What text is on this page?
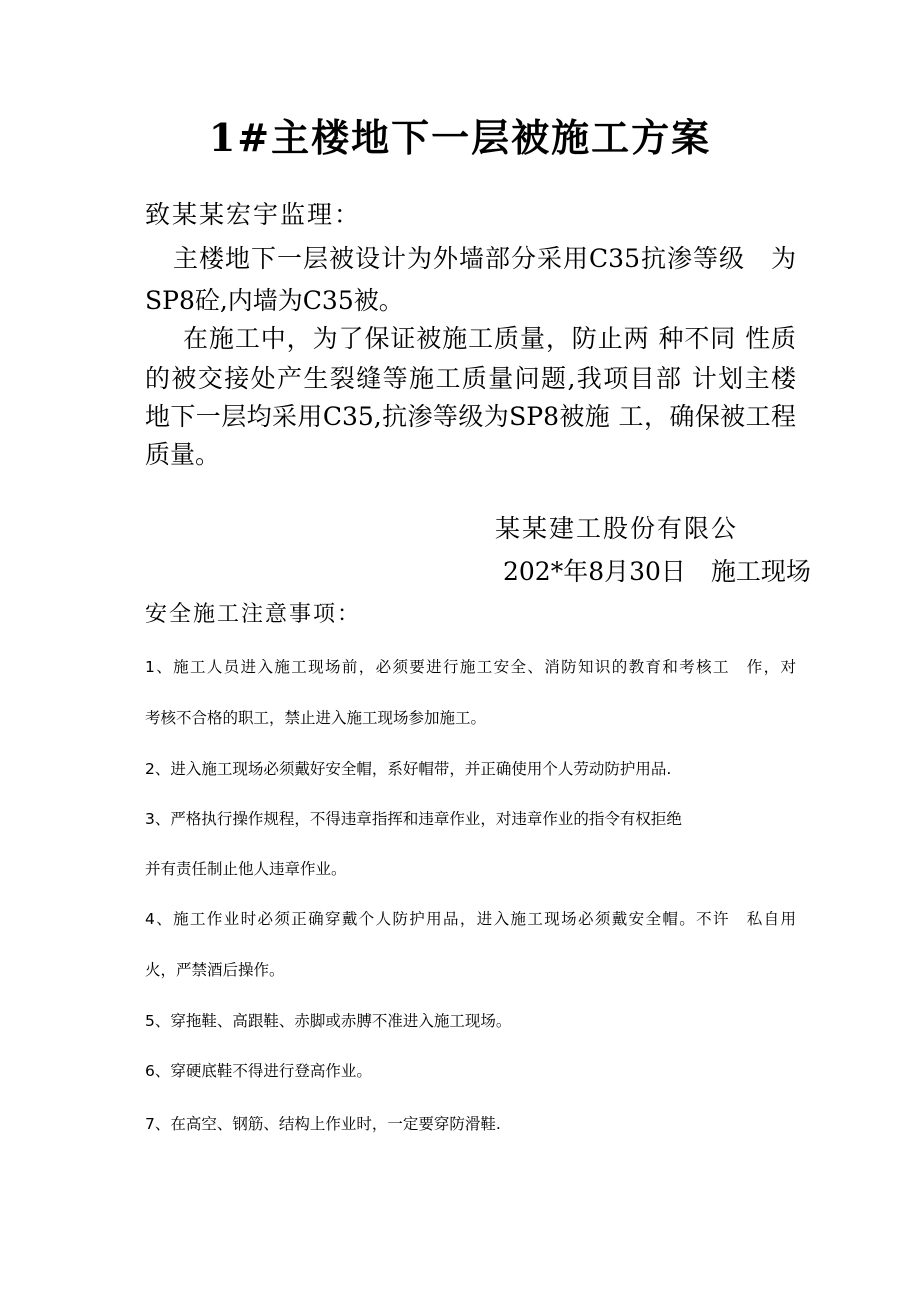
1#主楼地下一层被施工方案

致某某宏宇监理：

主楼地下一层被设计为外墙部分采用C35抗渗等级　为

SP8砼,内墙为C35被。

在施工中，为了保证被施工质量，防止两 种不同 性质

的被交接处产生裂缝等施工质量问题,我项目部 计划主楼

地下一层均采用C35,抗渗等级为SP8被施 工，确保被工程

质量。

某某建工股份有限公

202*年8月30日　施工现场

安全施工注意事项：

1、施工人员进入施工现场前，必须要进行施工安全、消防知识的教育和考核工　作，对

考核不合格的职工，禁止进入施工现场参加施工。

2、进入施工现场必须戴好安全帽，系好帽带，并正确使用个人劳动防护用品.

3、严格执行操作规程，不得违章指挥和违章作业，对违章作业的指令有权拒绝

并有责任制止他人违章作业。

4、施工作业时必须正确穿戴个人防护用品，进入施工现场必须戴安全帽。不许　私自用

火，严禁酒后操作。

5、穿拖鞋、高跟鞋、赤脚或赤膊不准进入施工现场。

6、穿硬底鞋不得进行登高作业。

7、在高空、钢筋、结构上作业时，一定要穿防滑鞋.
